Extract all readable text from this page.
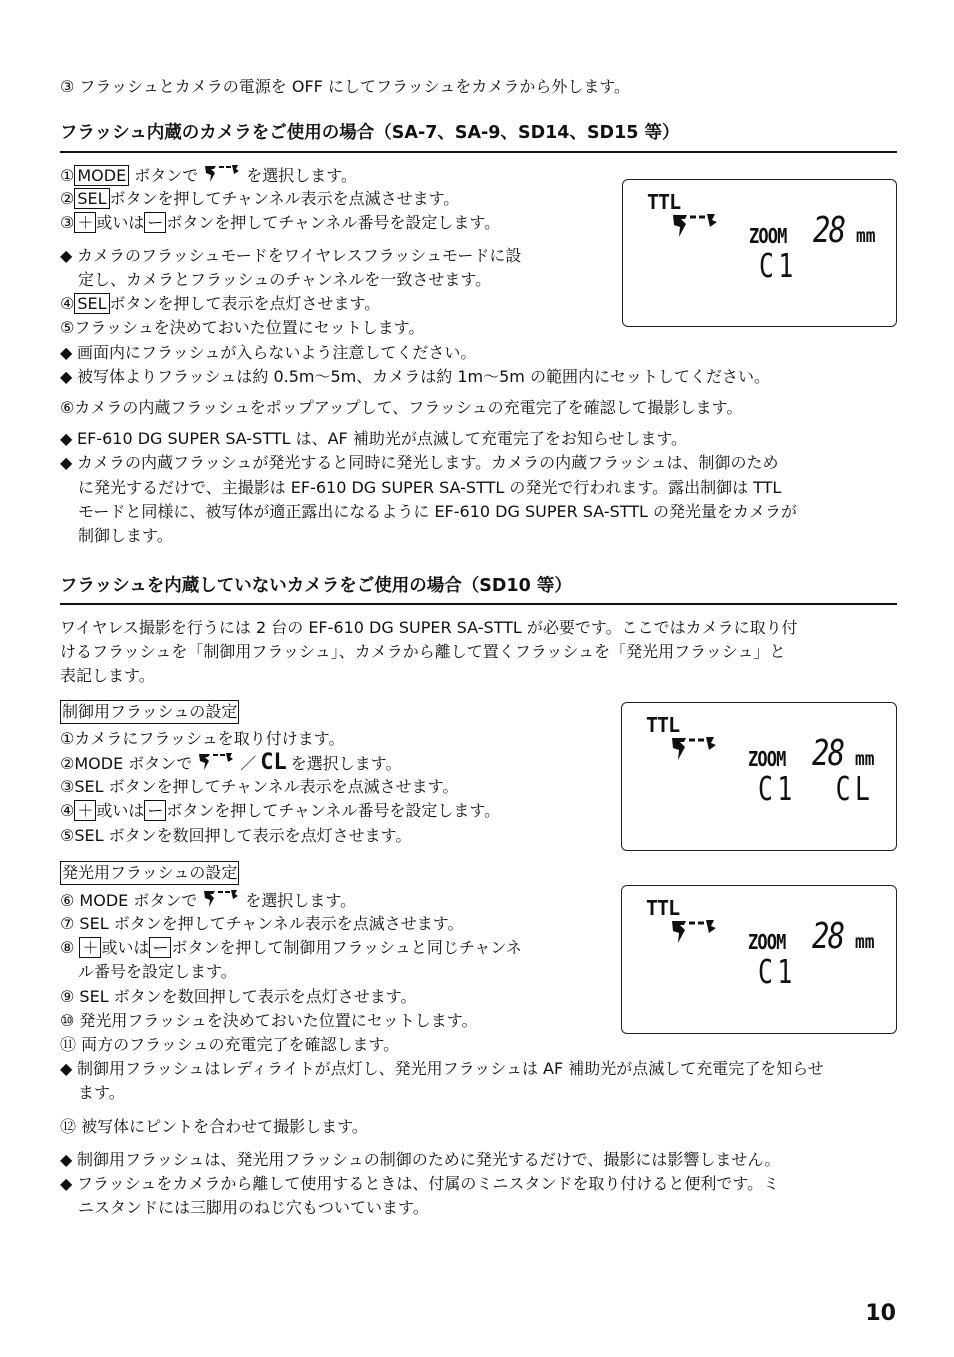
③ フラッシュとカメラの電源を OFF にしてフラッシュをカメラから外します。
フラッシュ内蔵のカメラをご使用の場合（SA-7、SA-9、SD14、SD15 等）
① MODE ボタンで	を選択します。
② SEL ボタンを押してチャンネル表示を点滅させます。
③ ＋ 或いは ー ボタンを押してチャンネル番号を設定します。
◆ カメラのフラッシュモードをワイヤレスフラッシュモードに設
定し、カメラとフラッシュのチャンネルを一致させます。
④ SEL ボタンを押して表示を点灯させます。
⑤フラッシュを決めておいた位置にセットします。
◆ 画面内にフラッシュが入らないよう注意してください。
◆ 被写体よりフラッシュは約 0.5m～5m、カメラは約 1m～5m の範囲内にセットしてください。
⑥カメラの内蔵フラッシュをポップアップして、フラッシュの充電完了を確認して撮影します。
◆ EF-610 DG SUPER SA-STTL は、AF 補助光が点滅して充電完了をお知らせします。
◆ カメラの内蔵フラッシュが発光すると同時に発光します。カメラの内蔵フラッシュは、制御のため
に発光するだけで、主撮影は EF-610 DG SUPER SA-STTL の発光で行われます。露出制御は TTL
モードと同様に、被写体が適正露出になるように EF-610 DG SUPER SA-STTL の発光量をカメラが
制御します。
TTL
ZOOM 28 mm
C1
フラッシュを内蔵していないカメラをご使用の場合（SD10 等）
ワイヤレス撮影を行うには 2 台の EF-610 DG SUPER SA-STTL が必要です。ここではカメラに取り付
けるフラッシュを「制御用フラッシュ」、カメラから離して置くフラッシュを「発光用フラッシュ」と
表記します。
制御用フラッシュの設定
①カメラにフラッシュを取り付けます。
②MODE ボタンで	／ CL を選択します。
③SEL ボタンを押してチャンネル表示を点滅させます。
④ ＋ 或いは ー ボタンを押してチャンネル番号を設定します。
⑤SEL ボタンを数回押して表示を点灯させます。
TTL
ZOOM 28 mm
C1  CL
発光用フラッシュの設定
⑥ MODE ボタンで	を選択します。
⑦ SEL ボタンを押してチャンネル表示を点滅させます。
⑧ ＋ 或いは ー ボタンを押して制御用フラッシュと同じチャンネ
ル番号を設定します。
⑨ SEL ボタンを数回押して表示を点灯させます。
⑩ 発光用フラッシュを決めておいた位置にセットします。
⑪ 両方のフラッシュの充電完了を確認します。
TTL
ZOOM 28 mm
C1
◆ 制御用フラッシュはレディライトが点灯し、発光用フラッシュは AF 補助光が点滅して充電完了を知らせ
ます。
⑫ 被写体にピントを合わせて撮影します。
◆ 制御用フラッシュは、発光用フラッシュの制御のために発光するだけで、撮影には影響しません。
◆ フラッシュをカメラから離して使用するときは、付属のミニスタンドを取り付けると便利です。ミ
ニスタンドには三脚用のねじ穴もついています。
10
